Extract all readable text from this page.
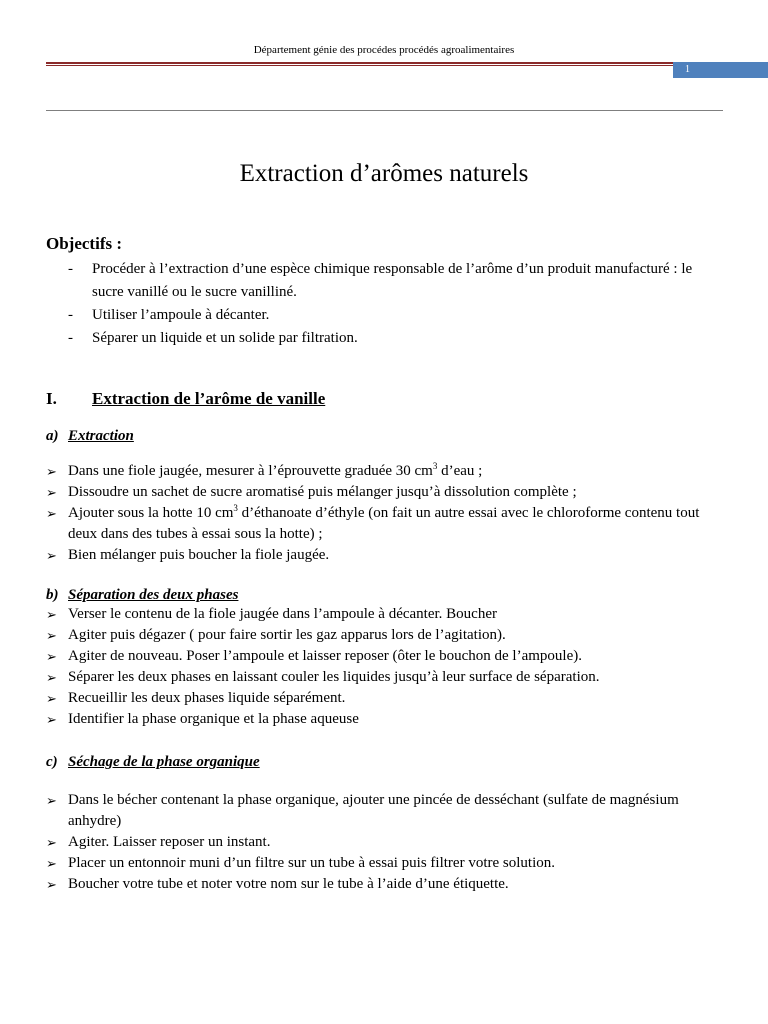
Département génie des procédes procédés agroalimentaires
1
Extraction d’arômes naturels
Objectifs :
- Procéder à l’extraction d’une espèce chimique responsable de l’arôme d’un produit manufacturé : le sucre vanillé ou le sucre vanilliné.
- Utiliser l’ampoule à décanter.
- Séparer un liquide et un solide par filtration.
I. Extraction de l’arôme de vanille
a) Extraction
➢ Dans une fiole jaugée, mesurer à l’éprouvette graduée 30 $cm^3$ d’eau ;
➢ Dissoudre un sachet de sucre aromatisé puis mélanger jusqu’à dissolution complète ;
➢ Ajouter sous la hotte 10 $cm^3$ d’éthanoate d’éthyle (on fait un autre essai avec le chloroforme contenu tout deux dans des tubes à essai sous la hotte) ;
➢ Bien mélanger puis boucher la fiole jaugée.
b) Séparation des deux phases
➢ Verser le contenu de la fiole jaugée dans l’ampoule à décanter. Boucher
➢ Agiter puis dégazer ( pour faire sortir les gaz apparus lors de l’agitation).
➢ Agiter de nouveau. Poser l’ampoule et laisser reposer (ôter le bouchon de l’ampoule).
➢ Séparer les deux phases en laissant couler les liquides jusqu’à leur surface de séparation.
➢ Recueillir les deux phases liquide séparément.
➢ Identifier la phase organique et la phase aqueuse
c) Séchage de la phase organique
➢ Dans le bécher contenant la phase organique, ajouter une pincée de desséchant (sulfate de magnésium anhydre)
➢ Agiter. Laisser reposer un instant.
➢ Placer un entonnoir muni d’un filtre sur un tube à essai puis filtrer votre solution.
➢ Boucher votre tube et noter votre nom sur le tube à l’aide d’une étiquette.
